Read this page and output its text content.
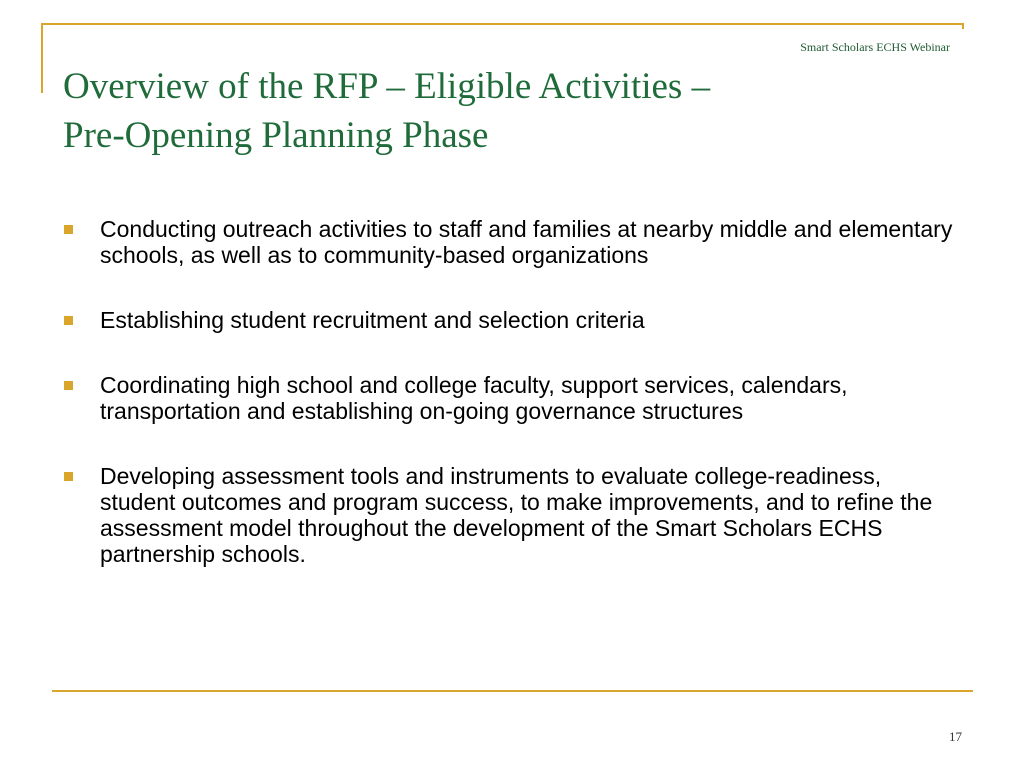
Smart Scholars ECHS Webinar
Overview of the RFP – Eligible Activities –
Pre-Opening Planning Phase
Conducting outreach activities to staff and families at nearby middle and elementary schools, as well as to community-based organizations
Establishing student recruitment and selection criteria
Coordinating high school and college faculty, support services, calendars, transportation and establishing on-going governance structures
Developing assessment tools and instruments to evaluate college-readiness, student outcomes and program success, to make improvements, and to refine the assessment model throughout the development of the Smart Scholars ECHS partnership schools.
17
